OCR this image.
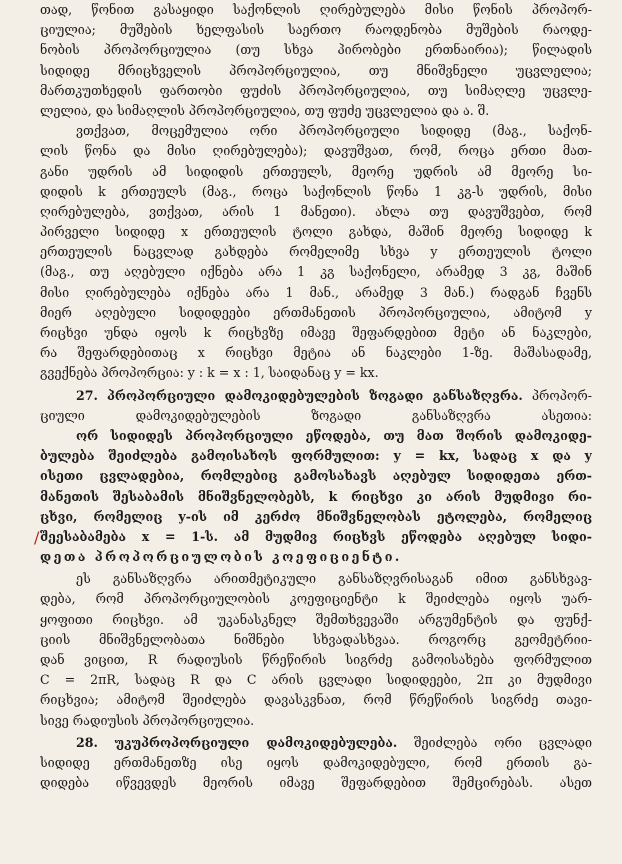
თად, წონით გასაყიდი საქონლის ღირებულება მისი წონის პროპორ-
ციულია; მუშების ხელფასის საერთო რაოდენობა მუშების რაოდე-
ნობის პროპორციულია (თუ სხვა პირობები ერთნაირია); წილადის
სიდიდე მრიცხველის პროპორციულია, თუ მნიშვნელი უცვლელია;
მართკუთხედის ფართობი ფუძის პროპორციულია, თუ სიმაღლე უცვლე-
ლელია, და სიმაღლის პროპორციულია, თუ ფუძე უცვლელია და ა. შ.
ვთქვათ, მოცემულია ორი პროპორციული სიდიდე (მაგ., საქონ-
ლის წონა და მისი ღირებულება); დავუშვათ, რომ, როცა ერთი მათ-
განი უდრის ამ სიდიდის ერთეულს, მეორე უდრის ამ მეორე სი-
დიდის k ერთეულს (მაგ., როცა საქონლის წონა 1 კგ-ს უდრის, მისი
ღირებულება, ვთქვათ, არის 1 მანეთი). ახლა თუ დავუშვებთ, რომ
პირველი სიდიდე x ერთეულის ტოლი გახდა, მაშინ მეორე სიდიდე k
ერთეულის ნაცვლად გახდება რომელიმე სხვა y ერთეულის ტოლი
(მაგ., თუ აღებული იქნება არა 1 კგ საქონელი, არამედ 3 კგ, მაშინ
მისი ღირებულება იქნება არა 1 მან., არამედ 3 მან.) რადგან ჩვენს
მიერ აღებული სიდიდეები ერთმანეთის პროპორციულია, ამიტომ y
რიცხვი უნდა იყოს k რიცხვზე იმავე შეფარდებით მეტი ან ნაკლები,
რა შეფარდებითაც x რიცხვი მეტია ან ნაკლები 1-ზე. მაშასადამე,
გვექნება პროპორცია: y : k = x : 1, საიდანაც y = kx.
27. პროპორციული დამოკიდებულების ზოგადი განსაზღვრა. პროპორ-
ციული დამოკიდებულების ზოგადი განსაზღვრა ასეთია:
ორ სიდიდეს პროპორციული ეწოდება, თუ მათ შორის დამოკიდე-
ბულება შეიძლება გამოისახოს ფორმულით: y = kx, სადაც x და y
ისეთი ცვლადებია, რომლებიც გამოსახავს აღებულ სიდიდეთა ერთ-
მანეთის შესაბამის მნიშვნელობებს, k რიცხვი კი არის მუდმივი რი-
ცხვი, რომელიც y-ის იმ კერძო მნიშვნელობას ეტოლება, რომელიც
შეესაბამება x = 1-ს. ამ მუდმივ რიცხვს ეწოდება აღებულ სიდი-
დეთა პროპორციულობის კოეფიციენტი.
ეს განსაზღვრა არითმეტიკული განსაზღვრისაგან იმით განსხვავ-
დება, რომ პროპორციულობის კოეფიციენტი k შეიძლება იყოს უარ-
ყოფითი რიცხვი. ამ უკანასკნელ შემთხვევაში არგუმენტის და ფუნქ-
ციის მნიშვნელობათა ნიშნები სხვადასხვაა. როგორც გეომეტრიი-
დან ვიცით, R რადიუსის წრეწირის სიგრძე გამოისახება ფორმულით
C = 2πR, სადაც R და C არის ცვლადი სიდიდეები, 2π კი მუდმივი
რიცხვია; ამიტომ შეიძლება დავასკვნათ, რომ წრეწირის სიგრძე თავი-
სივე რადიუსის პროპორციულია.
28. უკუპროპორციული დამოკიდებულება. შეიძლება ორი ცვლადი
სიდიდე ერთმანეთზე ისე იყოს დამოკიდებული, რომ ერთის გა-
დიდება იწვევდეს მეორის იმავე შეფარდებით შემცირებას. ასეთ
/
